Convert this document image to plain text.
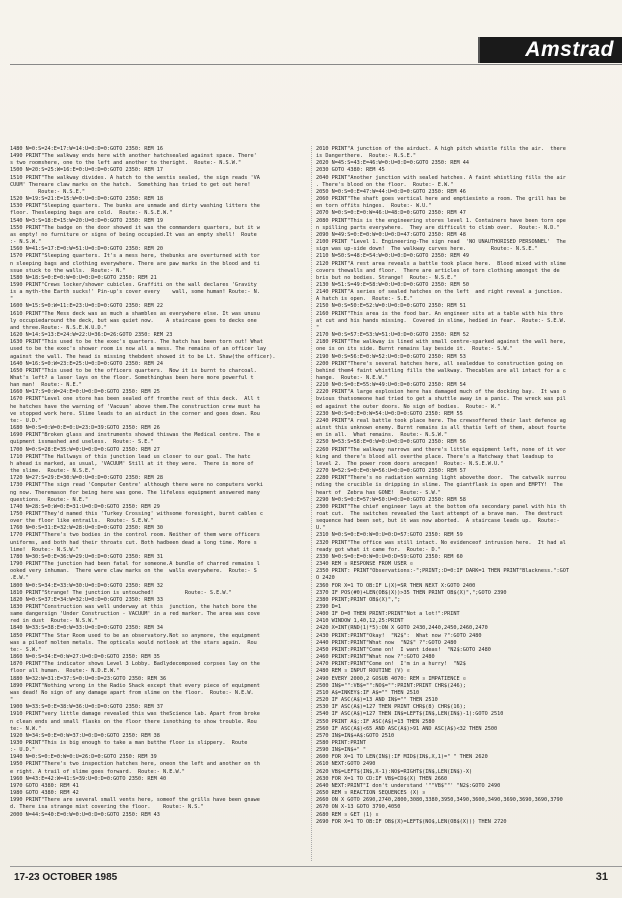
Amstrad
1480 N=0:S=24:E=17:W=14:U=0:D=0:GOTO 2350: REM 16
1490 PRINT"The walkway ends here with another hatchsealed against space. There'
s two roomshere, one to the left and another to theright.  Route:- N.S.W."
1500 N=20:S=25:W=16:E=0:U=0:D=0:GOTO 2350: REM 17
1510 PRINT"The walkway divides. A hatch to the westis sealed, the sign reads 'VA
CUUM' Thereare claw marks on the hatch.  Something has tried to get out here!
Route:- N.S.E."
1520 N=19:S=21:E=15:W=0:U=0:D=0:GOTO 2350: REM 18
1530 PRINT"Sleeping quarters. The bunks are unmade and dirty washing litters the
floor. Thesleeping bags are cold.  Route:- N.S.E.W."
1540 N=3:S=18:E=15:W=20:U=0:D=0:GOTO 2350: REM 19
1550 PRINT"The badge on the door showed it was the commanders quarters, but it w
as empty! no furniture or signs of being occupied.It was an empty shell!  Route
:- N.S.W."
1560 N=41:S=17:E=0:W=51:U=0:D=0:GOTO 2350: REM 20
1570 PRINT"Sleeping quarters. It's a mess here, thebunks are overturned with tor
n sleeping bags and clothing everywhere. There are paw marks in the blood and ti
ssue stuck to the walls.  Route:- N."
1580 N=18:S=0:E=0:W=0:U=0:D=0:GOTO 2350: REM 21
1590 PRINT"Crews locker/shower cubicles. Graffiti on the wall declares 'Gravity
is a myth-the Earth sucks!' Pin-up's cover every    wall, some human! Route:- N.
"
1600 N=15:S=0:W=11:E=23:U=0:D=0:GOTO 2350: REM 22
1610 PRINT"The Mess deck was as much a shambles as everywhere else. It was unusu
ly occupiedaround the deck, but was quiet now.    A staircase goes to decks one
and three.Route:- N.S.E.W.U.D."
1620 N=14:S=13:E=24:W=22:U=36:D=26:GOTO 2350: REM 23
1630 PRINT"This used to be the exec's quarters. The hatch has been torn out! What
used to be the exec's shower room is now all a mess. The remains of an officer lay
against the wall. The head is missing thebdent showed it to be Lt. Shaw(the officer).
1640 N=16:S=0:W=23:E=25:U=0:D=0:GOTO 2350: REM 24
1650 PRINT"This used to be the officers quarters.  Now it is burnt to charcoal.
What's left? a laser lays on the floor. Somethinghas been here more powerful t
han man!  Route:- N.E."
1660 N=17:S=0:W=24:E=0:U=0:D=0:GOTO 2350: REM 25
1670 PRINT"Level one store has been sealed off fromthe rest of this deck.  All t
he hatches have the warning of 'Vacuum' above them.The construction crew must ha
ve stopped work here. Slime leads to an airduct in the corner and goes down. Rou
te:- U.D."
1680 N=0:S=0:W=0:E=0:U=23:D=39:GOTO 2350: REM 26
1690 PRINT"Broken glass and instruments showed thiswas the Medical centre. The e
quipment issmashed and useless.  Route:- S.E."
1700 N=0:S=28:E=35:W=0:U=0:D=0:GOTO 2350: REM 27
1710 PRINT"The Hallways of this junction lead us closer to our goal. The hatc
h ahead is marked, as usual, 'VACUUM' Still at it they were.  There is more of
the slime.  Route:- N.S.E."
1720 N=27:S=29:E=30:W=0:U=0:D=0:GOTO 2350: REM 28
1730 PRINT"The sign read 'Computer Centre' although there were no computers worki
ng now. Theremason for being here was gone. The lifeless equipment answered many
questions.  Route:- N.E."
1740 N=28:S=0:W=0:E=31:U=0:D=0:GOTO 2350: REM 29
1750 PRINT"They'd named this 'Turkey Crossing' withsome foresight, burnt cables c
over the floor like entrails.  Route:- S.E.W."
1760 N=0:S=31:E=32:W=28:U=0:D=0:GOTO 2350: REM 30
1770 PRINT"There's two bodies in the control room. Neither of them were officers
uniforms, and both had their throats cut. Both hadbeen dead a long time. More s
lime!  Route:- N.S.W."
1780 N=30:S=0:E=36:W=29:U=0:D=0:GOTO 2350: REM 31
1790 PRINT"The junction had been fatal for someone.A bundle of charred remains l
ooked very inhuman.  There were claw marks on the  walls everywhere.  Route:- S
.E.W."
1800 N=0:S=34:E=33:W=30:U=0:D=0:GOTO 2350: REM 32
1810 PRINT"Strange! The junction is untouched!          Route:- S.E.W."
1820 N=0:S=37:E=34:W=32:U=0:D=0:GOTO 2350: REM 33
1830 PRINT"Construction was well underway at this  junction, the hatch bore the
same dangersign 'Under Construction - VACUUM' in a red marker. The area was cove
red in dust  Route:- N.S.W."
1840 N=33:S=38:E=0:W=33:U=0:D=0:GOTO 2350: REM 34
1850 PRINT"The Star Room used to be an observatory.Not so anymore, the equipment
was a pileof molten metals. The opticals would notlook at the stars again.  Rou
te:- S.W."
1860 N=0:S=34:E=0:W=27:U=0:D=0:GOTO 2350: REM 35
1870 PRINT"The indicator shows Level 3 Lobby. Badlydecomposed corpses lay on the
floor all human.  Route:- N.D.E.W."
1880 N=32:W=31:E=37:S=0:U=0:D=23:GOTO 2350: REM 36
1890 PRINT"Nothing wrong in the Radio Shack except that every piece of equipment
was dead! No sign of any damage apart from slime on the floor.  Route:- N.E.W.
"
1900 N=33:S=0:E=38:W=36:U=0:D=0:GOTO 2350: REM 37
1910 PRINT"very little damage revealed this was theScience lab. Apart from broke
n clean ends and small flasks on the floor there isnothing to show trouble. Rou
te:- N.W."
1920 N=34:S=0:E=0:W=37:U=0:D=0:GOTO 2350: REM 38
1930 PRINT"This is big enough to take a man butthe floor is slippery.  Route
:- U.D."
1940 N=0:S=0:E=0:W=0:U=26:D=0:GOTO 2350: REM 39
1950 PRINT"There's two inspection hatches here, oneon the left and another on th
e right. A trail of slime goes forward.  Route:- N.E.W."
1960 N=43:E=42:W=41:S=39:U=0:D=0:GOTO 2350: REM 40
1970 GOTO 4380: REM 41
1980 GOTO 4380: REM 42
1990 PRINT"There are several small vents here, someof the grills have been gnawe
d. There isa strange mist covering the floor.    Route:- N.S."
2000 N=44:S=40:E=0:W=0:U=0:D=0:GOTO 2350: REM 43
2010 PRINT"A junction of the airduct. A high pitch whistle fills the air.  there
is Dangerthere.  Route:- N.S.E."
2020 N=45:S=43:E=46:W=0:U=0:D=0:GOTO 2350: REM 44
2030 GOTO 4380: REM 45
2040 PRINT"Another junction with sealed hatches. A faint whistling fills the air
. There's blood on the floor.  Route:- E.W."
2050 N=0:S=0:E=47:W=44:U=0:D=0:GOTO 2350: REM 46
2060 PRINT"The shaft goes vertical here and emptiesinto a room. The grill has be
en torn offits hinges.  Route:- W.U."
2070 N=0:S=0:E=0:W=46:U=48:D=0:GOTO 2350: REM 47
2080 PRINT"This is the engineering stores level 1. Containers have been torn ope
n spilling parts everywhere.  They are difficult to climb over.  Route:- N.D."
2090 N=49:S=0:E=0:W=0:U=0:D=47:GOTO 2350: REM 48
2100 PRINT "Level 1. Engineering-The sign read  'NO UNAUTHORISED PERSONNEL'  The
sign was up-side down!  The walkway curves here.        Route:- N.S.E."
2110 N=50:S=48:E=54:W=0:U=0:D=0:GOTO 2350: REM 49
2120 PRINT"A rest area reveals a battle took place here.  Blood mixed with slime
covers thewalls and floor.  There are articles of torn clothing amongst the de
bris but no bodies. Strange!  Route:- N.S.E."
2130 N=51:S=49:E=58:W=0:U=0:D=0:GOTO 2350: REM 50
2140 PRINT"A series of sealed hatches on the left  and right reveal a junction.
A hatch is open.  Route:- S.E."
2150 N=0:S=50:E=52:W=0:U=0:D=0:GOTO 2350: REM 51
2160 PRINT"This area is the food bar. An engineer sits at a table with his thro
at cut and his hands missing.  Covered in slime, hedied in fear.  Route:- S.E.W.
"
2170 N=0:S=57:E=53:W=51:U=0:D=0:GOTO 2350: REM 52
2180 PRINT"The walkway is lined with small centre-sparked against the wall here,
one is on its side. Burnt remains lay beside it.  Route:- S.W."
2190 N=0:S=56:E=0:W=52:U=0:D=0:GOTO 2350: REM 53
2200 PRINT"There's several hatches here, all sealeddue to construction going on
behind them4 faint whistling fills the walkway. Thecables are all intact for a c
hange.  Route:- N.E.W."
2210 N=0:S=0:E=55:W=49:U=0:D=0:GOTO 2350: REM 54
2220 PRINT"A large explosion here has damaged much of the docking bay.  It was o
bvious thatsomeone had tried to get a shuttle away in a panic. The wreck was pil
ed against the outer doors. No sign of bodies.  Route:- W."
2230 N=0:S=0:E=0:W=54:U=0:D=0:GOTO 2350: REM 55
2240 PRINT"A real battle took place here. The crewsoffered their last defence ag
ainst this unknown enemy. Burnt remains is all thatis left of them, about fourte
en in all.  What remains.  Route:- N.S.W."
2250 N=53:S=58:E=0:W=0:U=0:D=0:GOTO 2350: REM 56
2260 PRINT"The walkway narrows and there's little equipment left, none of it wor
king and there's blood all overthe place. There's a Hatchway that leadsup to
level 2.  The power room doors arecpen!  Route:- N.S.E.W.U."
2270 N=52:S=0:E=0:W=56:U=0:D=0:GOTO 2350: REM 57
2280 PRINT"There's no radiation warning light abovethe door.  The catwalk surrou
nding the crucible is dripping in slime. The giantflask is open and EMPTY!  The
heart of  Zebra has GONE!  Route:- S.W."
2290 N=0:S=0:E=57:W=50:U=0:D=0:GOTO 2350: REM 58
2300 PRINT"The chief engineer lays at the bottom ofa secondary panel with his th
roat cut.  The switches revealed the last attempt of a brave man.  The destruct
sequence had been set, but it was now aborted.  A staircase leads up.  Route:-
U."
2310 N=0:S=0:E=0:W=0:U=0:D=57:GOTO 2350: REM 59
2320 PRINT"The office was still intact. No evidenceof intrusion here.  It had al
ready got what it came for.  Route:- D."
2330 N=0:S=0:E=0:W=0:U=0:D=59:GOTO 2350: REM 60
2340 REM ¤ RESPONSE FROM USER ¤
2350 PRINT: PRINT"Observations:-";PRINT;:D=0:IF DARK=1 THEN PRINT"Blackness.":GOT
O 2420
2360 FOR X=1 TO OB:IF L(X)=SR THEN NEXT X:GOTO 2400
2370 IF POS(#0)+LEN(OB$(X))>35 THEN PRINT OB$(X)",";GOTO 2390
2380 PRINT;PRINT OB$(X)",";
2390 D=1
2400 IF D=0 THEN PRINT:PRINT"Not a lot!":PRINT
2410 WINDOW 1,40,12,25:PRINT
2420 X=INT(RND(1)*5):ON X GOTO 2430,2440,2450,2460,2470
2430 PRINT:PRINT"Okay!  "N2$":  What now ?":GOTO 2480
2440 PRINT:PRINT"What now  "N2$" ?":GOTO 2480
2450 PRINT:PRINT"Come on!  I want ideas!  "N2$:GOTO 2480
2460 PRINT:PRINT"What now ?":GOTO 2480
2470 PRINT:PRINT"Come on!  I'm in a hurry!  "N2$
2480 REM ¤ INPUT ROUTINE (V) ¤
2490 EVERY 2000,2 GOSUB 4070: REM ¤ IMPATIENCE ¤
2500 IN$="":VB$="":NO$="":PRINT:PRINT CHR$(246);
2510 A$=INKEY$:IF A$="" THEN 2510
2520 IF ASC(A$)=13 AND IN$="" THEN 2510
2530 IF ASC(A$)=127 THEN PRINT CHR$(8) CHR$(16);
2540 IF ASC(A$)=127 THEN IN$=LEFT$(IN$,LEN(IN$)-1):GOTO 2510
2550 PRINT A$;:IF ASC(A$)=13 THEN 2580
2560 IF ASC(A$)<65 AND ASC(A$)>91 AND ASC(A$)<32 THEN 2500
2570 IN$=IN$+A$:GOTO 2510
2580 PRINT:PRINT
2590 IN$=IN$+" "
2600 FOR X=1 TO LEN(IN$):IF MID$(IN$,X,1)=" " THEN 2620
2610 NEXT:GOTO 2490
2620 VB$=LEFT$(IN$,X-1):NO$=RIGHT$(IN$,LEN(IN$)-X)
2630 FOR X=1 TO CD:IF VB$=CD$(X) THEN 2660
2640 NEXT:PRINT"I don't understand '""VB$""' "N2$:GOTO 2490
2650 REM ¤ REACTION SEQUENCES (X) ¤
2660 ON X GOTO 2690,2740,2800,3080,3380,3950,3490,3600,3490,3690,3690,3690,3790
2670 ON X-13 GOTO 3790,4050
2680 REM ¤ GET (1) ¤
2690 FOR X=1 TO OB:IF OB$(X)=LEFT$(NO$,LEN(OB$(X))) THEN 2720
17-23 OCTOBER 1985	31
